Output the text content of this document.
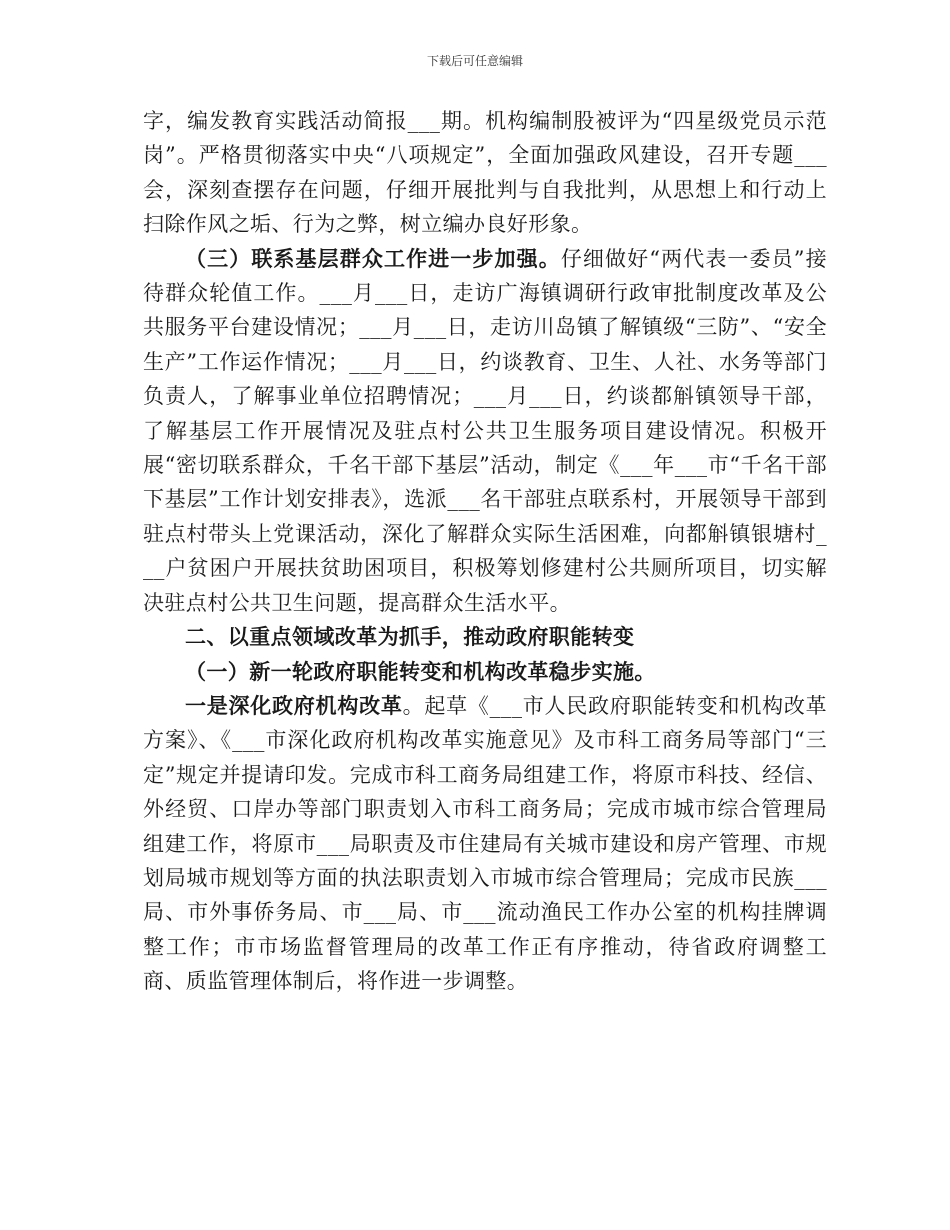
下载后可任意编辑

字，编发教育实践活动简报___期。机构编制股被评为“四星级党员示范岗”。严格贯彻落实中央“八项规定”，全面加强政风建设，召开专题___会，深刻查摆存在问题，仔细开展批判与自我批判，从思想上和行动上扫除作风之垢、行为之弊，树立编办良好形象。

（三）联系基层群众工作进一步加强。仔细做好“两代表一委员”接待群众轮值工作。___月___日，走访广海镇调研行政审批制度改革及公共服务平台建设情况；___月___日，走访川岛镇了解镇级“三防”、“安全生产”工作运作情况；___月___日，约谈教育、卫生、人社、水务等部门负责人，了解事业单位招聘情况；___月___日，约谈都斛镇领导干部，了解基层工作开展情况及驻点村公共卫生服务项目建设情况。积极开展“密切联系群众，千名干部下基层”活动，制定《___年___市“千名干部下基层”工作计划安排表》，选派___名干部驻点联系村，开展领导干部到驻点村带头上党课活动，深化了解群众实际生活困难，向都斛镇银塘村___户贫困户开展扶贫助困项目，积极筹划修建村公共厕所项目，切实解决驻点村公共卫生问题，提高群众生活水平。

二、以重点领域改革为抓手，推动政府职能转变

（一）新一轮政府职能转变和机构改革稳步实施。

一是深化政府机构改革。起草《___市人民政府职能转变和机构改革方案》、《___市深化政府机构改革实施意见》及市科工商务局等部门“三定”规定并提请印发。完成市科工商务局组建工作，将原市科技、经信、外经贸、口岸办等部门职责划入市科工商务局；完成市城市综合管理局组建工作，将原市___局职责及市住建局有关城市建设和房产管理、市规划局城市规划等方面的执法职责划入市城市综合管理局；完成市民族___局、市外事侨务局、市___局、市___流动渔民工作办公室的机构挂牌调整工作；市市场监督管理局的改革工作正有序推动，待省政府调整工商、质监管理体制后，将作进一步调整。
